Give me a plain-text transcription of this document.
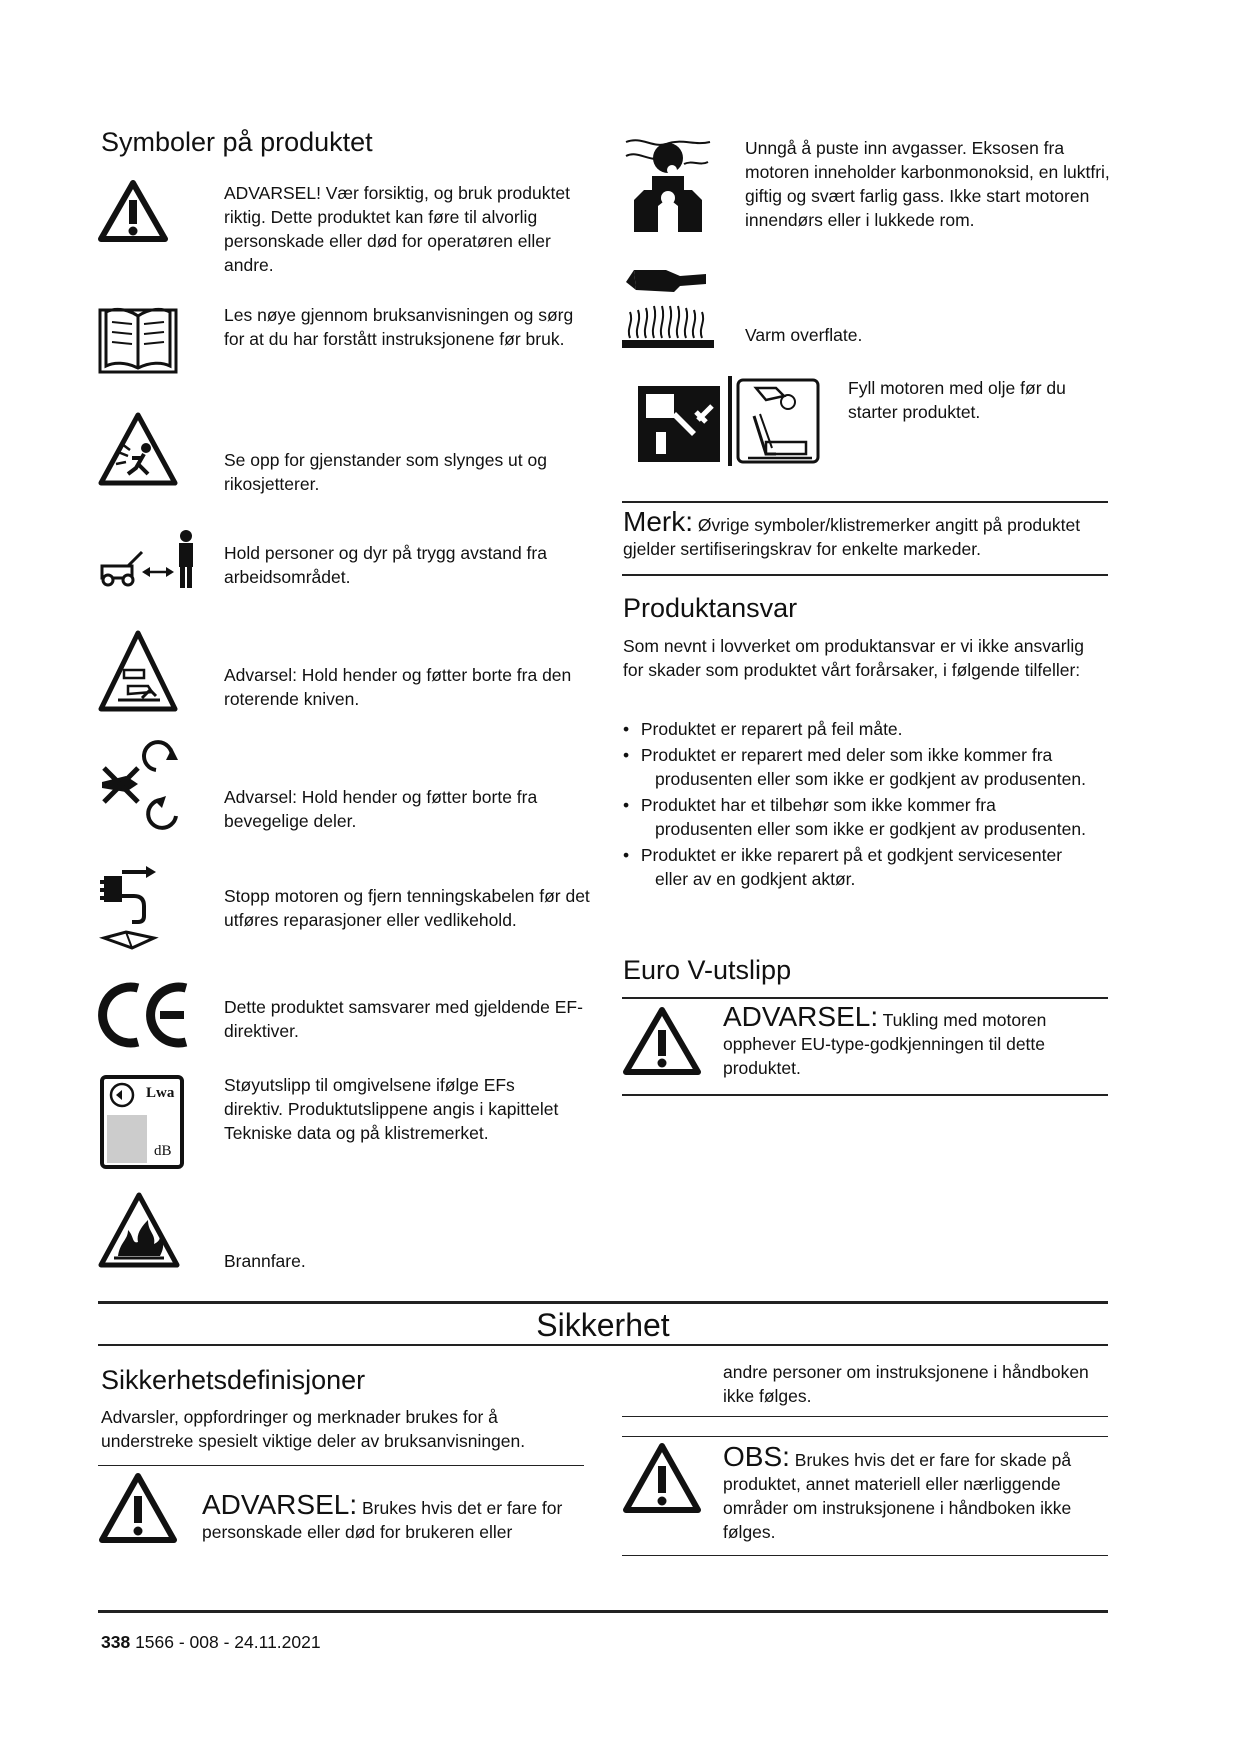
Symboler på produktet
ADVARSEL! Vær forsiktig, og bruk produktet riktig. Dette produktet kan føre til alvorlig personskade eller død for operatøren eller andre.
Les nøye gjennom bruksanvisningen og sørg for at du har forstått instruksjonene før bruk.
Se opp for gjenstander som slynges ut og rikosjetterer.
Hold personer og dyr på trygg avstand fra arbeidsområdet.
Advarsel: Hold hender og føtter borte fra den roterende kniven.
Advarsel: Hold hender og føtter borte fra bevegelige deler.
Stopp motoren og fjern tenningskabelen før det utføres reparasjoner eller vedlikehold.
Dette produktet samsvarer med gjeldende EF-direktiver.
Lwa
dB
Støyutslipp til omgivelsene ifølge EFs direktiv. Produktutslippene angis i kapittelet Tekniske data og på klistremerket.
Brannfare.
Unngå å puste inn avgasser. Eksosen fra motoren inneholder karbonmonoksid, en luktfri, giftig og svært farlig gass. Ikke start motoren innendørs eller i lukkede rom.
Varm overflate.
Fyll motoren med olje før du starter produktet.
Merk: Øvrige symboler/klistremerker angitt på produktet gjelder sertifiseringskrav for enkelte markeder.
Produktansvar
Som nevnt i lovverket om produktansvar er vi ikke ansvarlig for skader som produktet vårt forårsaker, i følgende tilfeller:
• Produktet er reparert på feil måte.
• Produktet er reparert med deler som ikke kommer fra produsenten eller som ikke er godkjent av produsenten.
• Produktet har et tilbehør som ikke kommer fra produsenten eller som ikke er godkjent av produsenten.
• Produktet er ikke reparert på et godkjent servicesenter eller av en godkjent aktør.
Euro V-utslipp
ADVARSEL: Tukling med motoren opphever EU-type-godkjenningen til dette produktet.
Sikkerhet
Sikkerhetsdefinisjoner
Advarsler, oppfordringer og merknader brukes for å understreke spesielt viktige deler av bruksanvisningen.
ADVARSEL: Brukes hvis det er fare for personskade eller død for brukeren eller
andre personer om instruksjonene i håndboken ikke følges.
OBS: Brukes hvis det er fare for skade på produktet, annet materiell eller nærliggende områder om instruksjonene i håndboken ikke følges.
338 1566 - 008 - 24.11.2021
